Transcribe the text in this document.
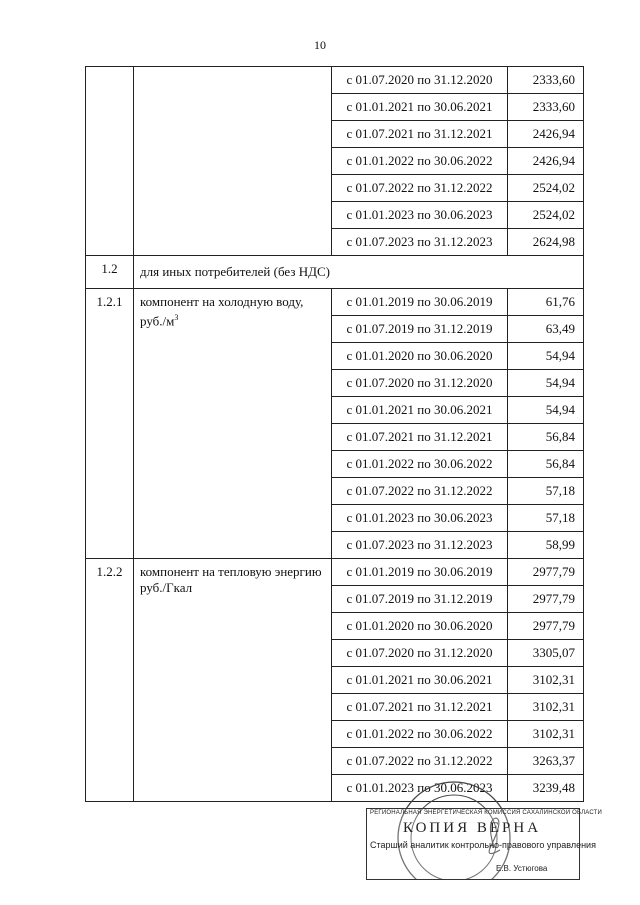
10
		с 01.07.2020 по 31.12.2020	2333,60
		с 01.01.2021 по 30.06.2021	2333,60
		с 01.07.2021 по 31.12.2021	2426,94
		с 01.01.2022 по 30.06.2022	2426,94
		с 01.07.2022 по 31.12.2022	2524,02
		с 01.01.2023 по 30.06.2023	2524,02
		с 01.07.2023 по 31.12.2023	2624,98
1.2	для иных потребителей (без НДС)		
1.2.1	компонент на холодную воду, $руб./м^3$	с 01.01.2019 по 30.06.2019	61,76
		с 01.07.2019 по 31.12.2019	63,49
		с 01.01.2020 по 30.06.2020	54,94
		с 01.07.2020 по 31.12.2020	54,94
		с 01.01.2021 по 30.06.2021	54,94
		с 01.07.2021 по 31.12.2021	56,84
		с 01.01.2022 по 30.06.2022	56,84
		с 01.07.2022 по 31.12.2022	57,18
		с 01.01.2023 по 30.06.2023	57,18
		с 01.07.2023 по 31.12.2023	58,99
1.2.2	компонент на тепловую энергию руб./Гкал	с 01.01.2019 по 30.06.2019	2977,79
		с 01.07.2019 по 31.12.2019	2977,79
		с 01.01.2020 по 30.06.2020	2977,79
		с 01.07.2020 по 31.12.2020	3305,07
		с 01.01.2021 по 30.06.2021	3102,31
		с 01.07.2021 по 31.12.2021	3102,31
		с 01.01.2022 по 30.06.2022	3102,31
		с 01.07.2022 по 31.12.2022	3263,37
		с 01.01.2023 по 30.06.2023	3239,48
РЕГИОНАЛЬНАЯ ЭНЕРГЕТИЧЕСКАЯ КОМИССИЯ САХАЛИНСКОЙ ОБЛАСТИ
КОПИЯ ВЕРНА
Старший аналитик контрольно-правового управления
Е.В. Устюгова
